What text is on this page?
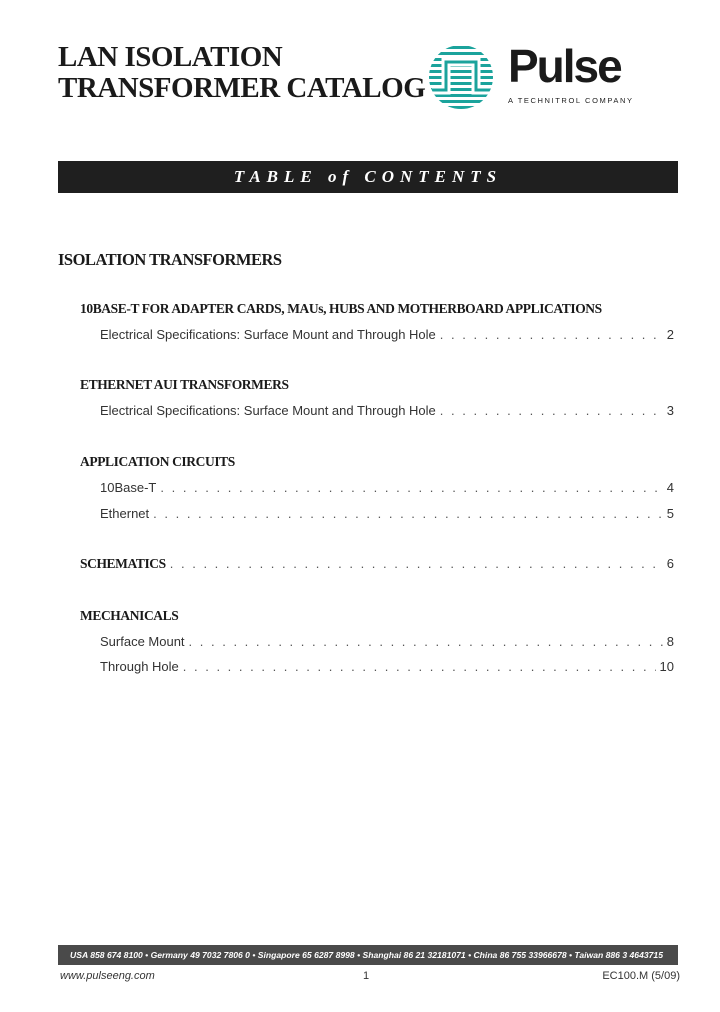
LAN ISOLATION
TRANSFORMER CATALOG Pulse
A TECHNITROL COMPANY
TABLE of CONTENTS
ISOLATION TRANSFORMERS
10BASE-T FOR ADAPTER CARDS, MAUs, HUBS AND MOTHERBOARD APPLICATIONS
Electrical Specifications: Surface Mount and Through Hole . . .	2
ETHERNET AUI TRANSFORMERS
Electrical Specifications: Surface Mount and Through Hole . . .	3
APPLICATION CIRCUITS
10Base-T . . .	4
Ethernet . . .	5
SCHEMATICS . . .	6
MECHANICALS
Surface Mount . . .	8
Through Hole . . .	10
USA 858 674 8100 • Germany 49 7032 7806 0 • Singapore 65 6287 8998 • Shanghai 86 21 32181071 • China 86 755 33966678 • Taiwan 886 3 4643715
www.pulseeng.com	1	EC100.M (5/09)
